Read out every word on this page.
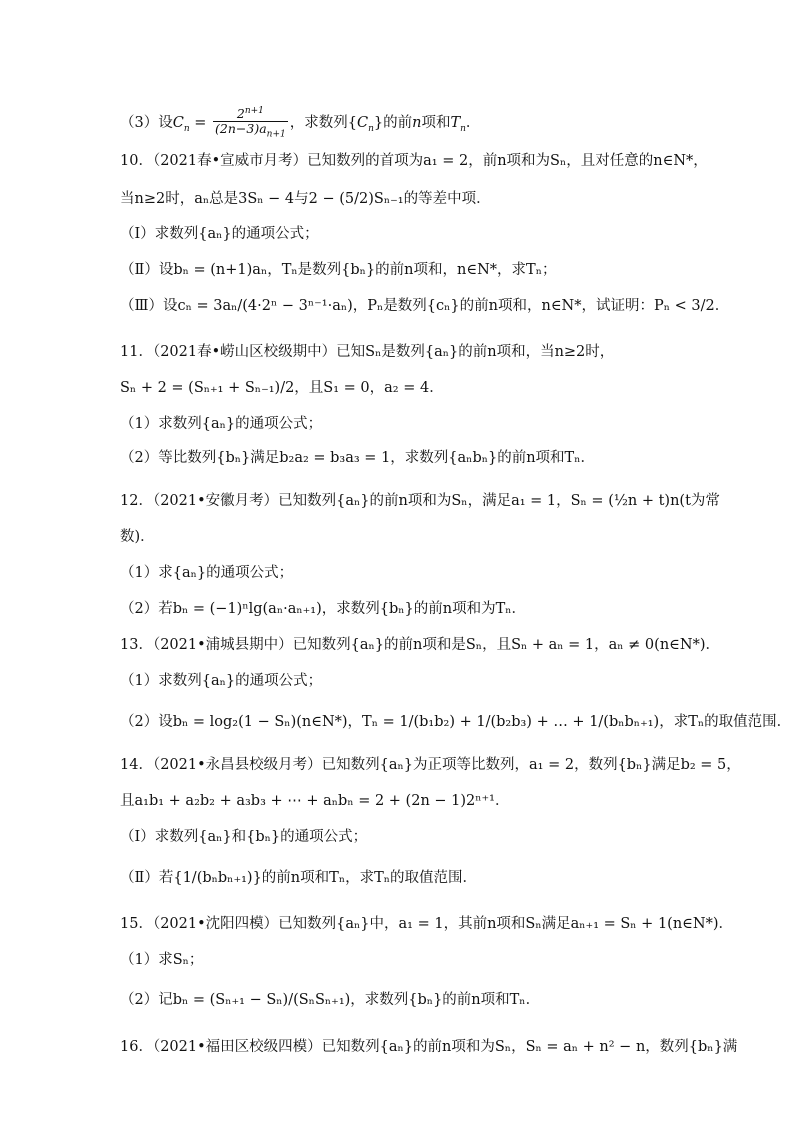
（3）设$C_n = \frac{2^{n+1}}{(2n-3)a_{n+1}}$ ，求数列$\{C_n\}$的前n项和$T_n$．
10．（2021春•宣威市月考）已知数列的首项为a₁ = 2，前n项和为Sₙ，且对任意的n∈N*，
当n≥2时，aₙ总是3Sₙ − 4与2 − (5/2)Sₙ₋₁的等差中项．
（Ⅰ）求数列{aₙ}的通项公式；
（Ⅱ）设bₙ = (n+1)aₙ，Tₙ是数列{bₙ}的前n项和，n∈N*，求Tₙ；
（Ⅲ）设cₙ = 3aₙ/(4·2ⁿ − 3ⁿ⁻¹·aₙ)，Pₙ是数列{cₙ}的前n项和，n∈N*，试证明：Pₙ < 3/2．
11．（2021春•崂山区校级期中）已知Sₙ是数列{aₙ}的前n项和，当n≥2时，
Sₙ + 2 = (Sₙ₊₁ + Sₙ₋₁)/2，且S₁ = 0，a₂ = 4．
（1）求数列{aₙ}的通项公式；
（2）等比数列{bₙ}满足b₂a₂ = b₃a₃ = 1，求数列{aₙbₙ}的前n项和Tₙ．
12．（2021•安徽月考）已知数列{aₙ}的前n项和为Sₙ，满足a₁ = 1，Sₙ = (½n + t)n(t为常
数)．
（1）求{aₙ}的通项公式；
（2）若bₙ = (−1)ⁿlg(aₙ·aₙ₊₁)，求数列{bₙ}的前n项和为Tₙ．
13．（2021•浦城县期中）已知数列{aₙ}的前n项和是Sₙ，且Sₙ + aₙ = 1，aₙ ≠ 0(n∈N*)．
（1）求数列{aₙ}的通项公式；
（2）设bₙ = log₂(1 − Sₙ)(n∈N*)，Tₙ = 1/(b₁b₂) + 1/(b₂b₃) + … + 1/(bₙbₙ₊₁)，求Tₙ的取值范围．
14．（2021•永昌县校级月考）已知数列{aₙ}为正项等比数列，a₁ = 2，数列{bₙ}满足b₂ = 5，
且a₁b₁ + a₂b₂ + a₃b₃ + ⋯ + aₙbₙ = 2 + (2n − 1)2ⁿ⁺¹．
（Ⅰ）求数列{aₙ}和{bₙ}的通项公式；
（Ⅱ）若{1/(bₙbₙ₊₁)}的前n项和Tₙ，求Tₙ的取值范围．
15．（2021•沈阳四模）已知数列{aₙ}中，a₁ = 1，其前n项和Sₙ满足aₙ₊₁ = Sₙ + 1(n∈N*)．
（1）求Sₙ；
（2）记bₙ = (Sₙ₊₁ − Sₙ)/(SₙSₙ₊₁)，求数列{bₙ}的前n项和Tₙ．
16．（2021•福田区校级四模）已知数列{aₙ}的前n项和为Sₙ，Sₙ = aₙ + n² − n，数列{bₙ}满
